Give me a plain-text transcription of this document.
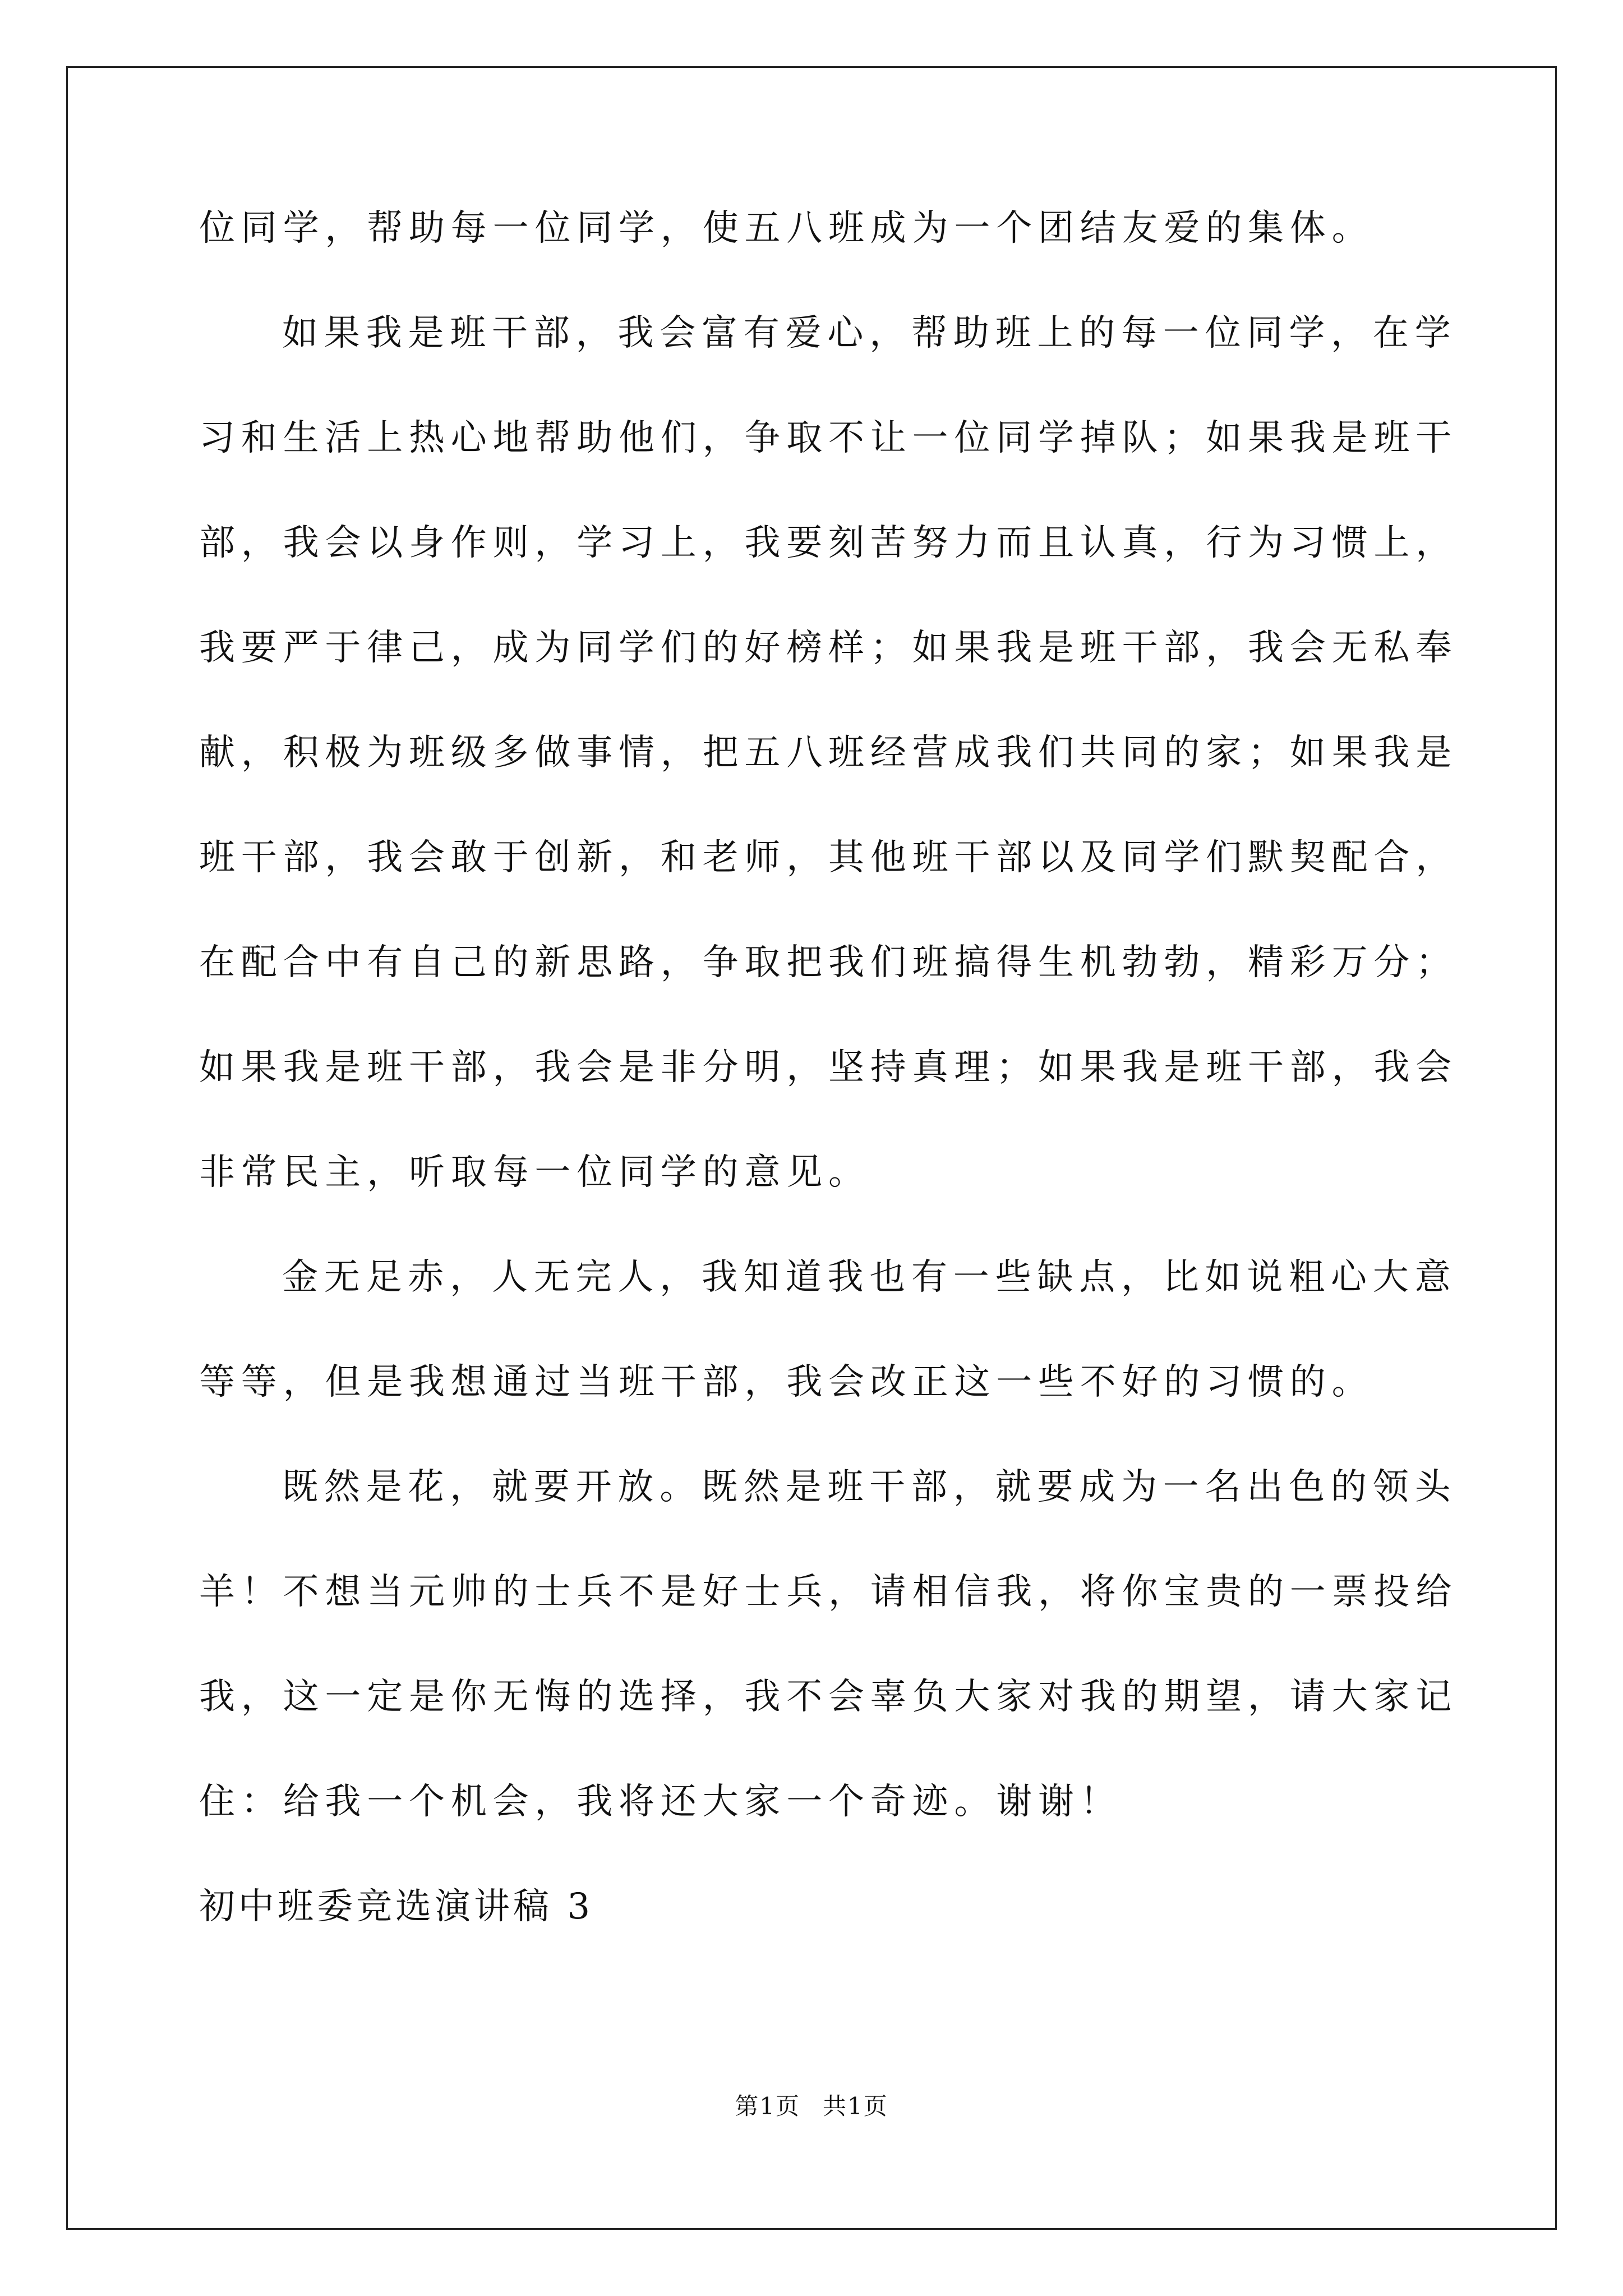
位同学，帮助每一位同学，使五八班成为一个团结友爱的集体。
如果我是班干部，我会富有爱心，帮助班上的每一位同学，在学
习和生活上热心地帮助他们，争取不让一位同学掉队；如果我是班干
部，我会以身作则，学习上，我要刻苦努力而且认真，行为习惯上，
我要严于律己，成为同学们的好榜样；如果我是班干部，我会无私奉
献，积极为班级多做事情，把五八班经营成我们共同的家；如果我是
班干部，我会敢于创新，和老师，其他班干部以及同学们默契配合，
在配合中有自己的新思路，争取把我们班搞得生机勃勃，精彩万分；
如果我是班干部，我会是非分明，坚持真理；如果我是班干部，我会
非常民主，听取每一位同学的意见。
金无足赤，人无完人，我知道我也有一些缺点，比如说粗心大意
等等，但是我想通过当班干部，我会改正这一些不好的习惯的。
既然是花，就要开放。既然是班干部，就要成为一名出色的领头
羊！不想当元帅的士兵不是好士兵，请相信我，将你宝贵的一票投给
我，这一定是你无悔的选择，我不会辜负大家对我的期望，请大家记
住：给我一个机会，我将还大家一个奇迹。谢谢！
初中班委竞选演讲稿 3
第1页 共1页
